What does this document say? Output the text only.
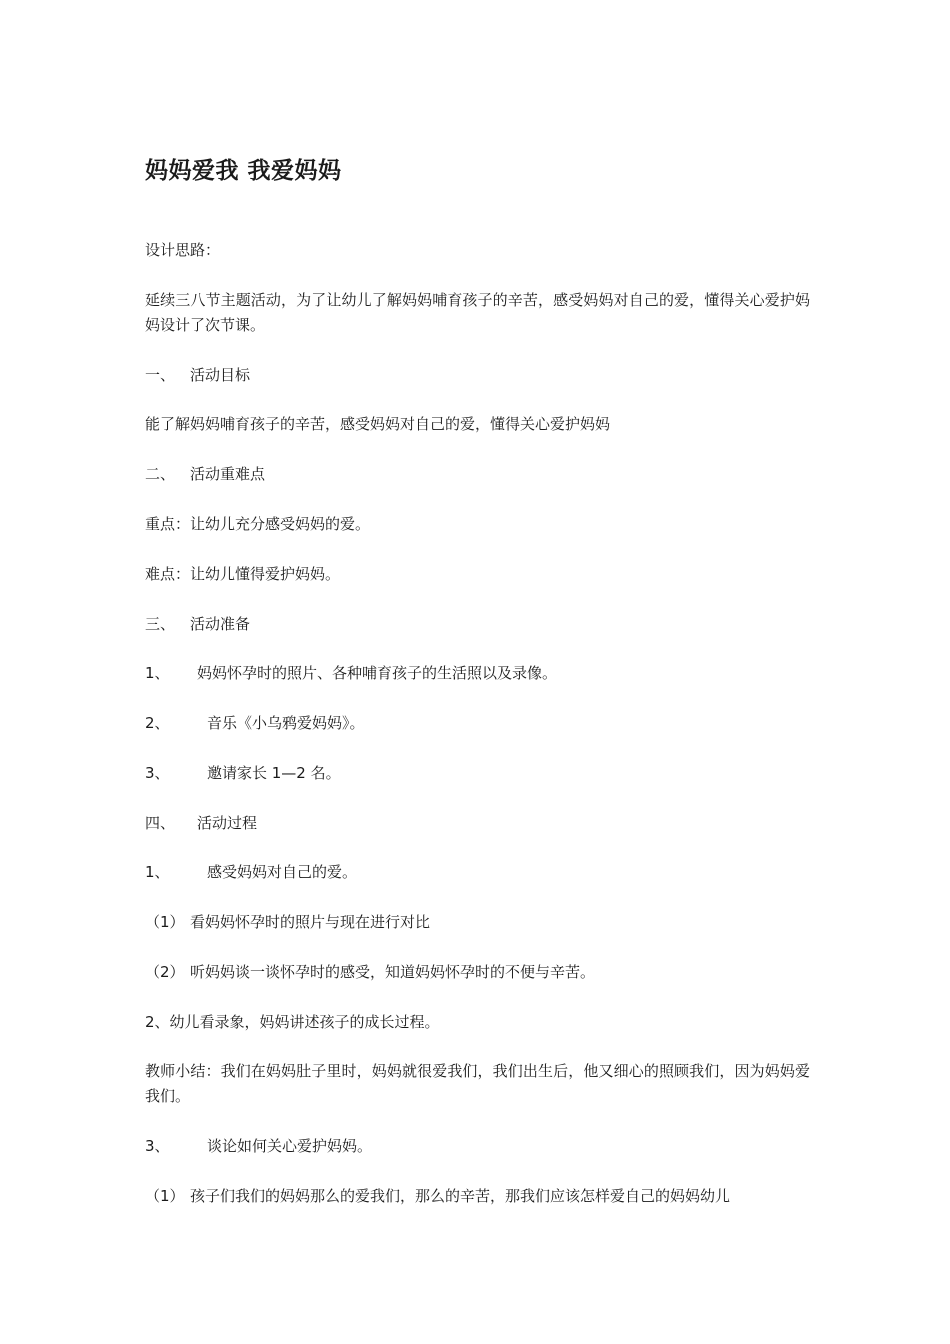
妈妈爱我 我爱妈妈

设计思路：

延续三八节主题活动，为了让幼儿了解妈妈哺育孩子的辛苦，感受妈妈对自己的爱，懂得关心爱护妈妈设计了次节课。

一、 活动目标

能了解妈妈哺育孩子的辛苦，感受妈妈对自己的爱，懂得关心爱护妈妈

二、 活动重难点

重点：让幼儿充分感受妈妈的爱。

难点：让幼儿懂得爱护妈妈。

三、 活动准备

1、 妈妈怀孕时的照片、各种哺育孩子的生活照以及录像。

2、 音乐《小乌鸦爱妈妈》。

3、 邀请家长 1—2 名。

四、 活动过程

1、 感受妈妈对自己的爱。

（1） 看妈妈怀孕时的照片与现在进行对比

（2） 听妈妈谈一谈怀孕时的感受，知道妈妈怀孕时的不便与辛苦。

2、幼儿看录象，妈妈讲述孩子的成长过程。

教师小结：我们在妈妈肚子里时，妈妈就很爱我们，我们出生后，他又细心的照顾我们，因为妈妈爱我们。

3、 谈论如何关心爱护妈妈。

（1） 孩子们我们的妈妈那么的爱我们，那么的辛苦，那我们应该怎样爱自己的妈妈幼儿
